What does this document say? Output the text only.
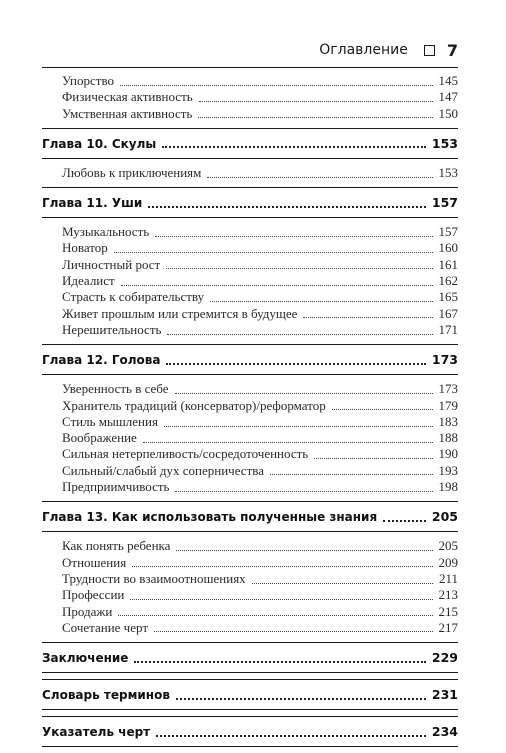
Оглавление 7
Упорство	145
Физическая активность	147
Умственная активность	150
Глава 10. Скулы	153
Любовь к приключениям	153
Глава 11. Уши	157
Музыкальность	157
Новатор	160
Личностный рост	161
Идеалист	162
Страсть к собирательству	165
Живет прошлым или стремится в будущее	167
Нерешительность	171
Глава 12. Голова	173
Уверенность в себе	173
Хранитель традиций (консерватор)/реформатор	179
Стиль мышления	183
Воображение	188
Сильная нетерпеливость/сосредоточенность	190
Сильный/слабый дух соперничества	193
Предприимчивость	198
Глава 13. Как использовать полученные знания	205
Как понять ребенка	205
Отношения	209
Трудности во взаимоотношениях	211
Профессии	213
Продажи	215
Сочетание черт	217
Заключение	229
Словарь терминов	231
Указатель черт	234
